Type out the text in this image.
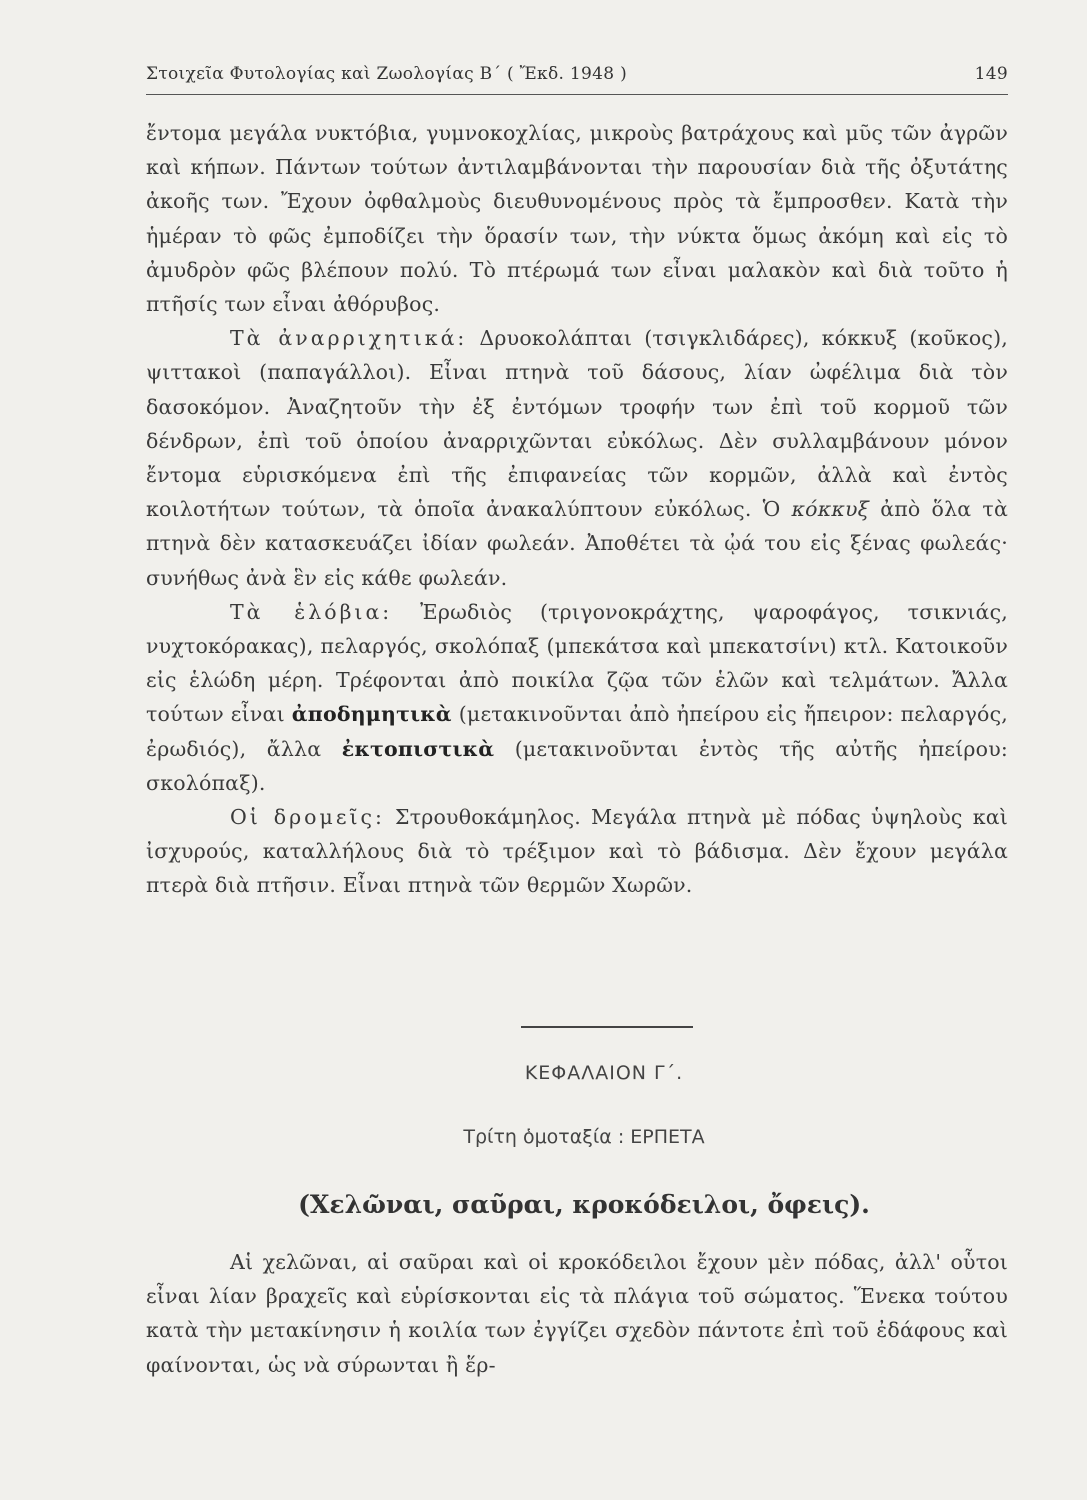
Στοιχεῖα Φυτολογίας καὶ Ζωολογίας Β΄ ( Ἔκδ. 1948 )	149

ἔντομα μεγάλα νυκτόβια, γυμνοκοχλίας, μικροὺς βατράχους καὶ μῦς τῶν ἀγρῶν καὶ κήπων. Πάντων τούτων ἀντιλαμβάνονται τὴν παρουσίαν διὰ τῆς ὀξυτάτης ἀκοῆς των. Ἔχουν ὀφθαλμοὺς διευθυνομένους πρὸς τὰ ἔμπροσθεν. Κατὰ τὴν ἡμέραν τὸ φῶς ἐμποδίζει τὴν ὅρασίν των, τὴν νύκτα ὅμως ἀκόμη καὶ εἰς τὸ ἀμυδρὸν φῶς βλέπουν πολύ. Τὸ πτέρωμά των εἶναι μαλακὸν καὶ διὰ τοῦτο ἡ πτῆσίς των εἶναι ἀθόρυβος.

Τὰ ἀναρριχητικά: Δρυοκολάπται (τσιγκλιδάρες), κόκκυξ (κοῦκος), ψιττακοὶ (παπαγάλλοι). Εἶναι πτηνὰ τοῦ δάσους, λίαν ὠφέλιμα διὰ τὸν δασοκόμον. Ἀναζητοῦν τὴν ἐξ ἐντόμων τροφήν των ἐπὶ τοῦ κορμοῦ τῶν δένδρων, ἐπὶ τοῦ ὁποίου ἀναρριχῶνται εὐκόλως. Δὲν συλλαμβάνουν μόνον ἔντομα εὑρισκόμενα ἐπὶ τῆς ἐπιφανείας τῶν κορμῶν, ἀλλὰ καὶ ἐντὸς κοιλοτήτων τούτων, τὰ ὁποῖα ἀνακαλύπτουν εὐκόλως. Ὁ κόκκυξ ἀπὸ ὅλα τὰ πτηνὰ δὲν κατασκευάζει ἰδίαν φωλεάν. Ἀποθέτει τὰ ᾠά του εἰς ξένας φωλεάς· συνήθως ἀνὰ ἓν εἰς κάθε φωλεάν.

Τὰ ἑλόβια: Ἐρωδιὸς (τριγονοκράχτης, ψαροφάγος, τσικνιάς, νυχτοκόρακας), πελαργός, σκολόπαξ (μπεκάτσα καὶ μπεκατσίνι) κτλ. Κατοικοῦν εἰς ἑλώδη μέρη. Τρέφονται ἀπὸ ποικίλα ζῷα τῶν ἑλῶν καὶ τελμάτων. Ἄλλα τούτων εἶναι ἀποδημητικὰ (μετακινοῦνται ἀπὸ ἠπείρου εἰς ἤπειρον: πελαργός, ἐρωδιός), ἄλλα ἐκτοπιστικὰ (μετακινοῦνται ἐντὸς τῆς αὐτῆς ἠπείρου: σκολόπαξ).

Οἱ δρομεῖς: Στρουθοκάμηλος. Μεγάλα πτηνὰ μὲ πόδας ὑψηλοὺς καὶ ἰσχυρούς, καταλλήλους διὰ τὸ τρέξιμον καὶ τὸ βάδισμα. Δὲν ἔχουν μεγάλα πτερὰ διὰ πτῆσιν. Εἶναι πτηνὰ τῶν θερμῶν Χωρῶν.

ΚΕΦΑΛΑΙΟΝ Γ΄.
Τρίτη ὁμοταξία : ΕΡΠΕΤΑ
(Χελῶναι, σαῦραι, κροκόδειλοι, ὄφεις).

Αἱ χελῶναι, αἱ σαῦραι καὶ οἱ κροκόδειλοι ἔχουν μὲν πόδας, ἀλλ' οὗτοι εἶναι λίαν βραχεῖς καὶ εὑρίσκονται εἰς τὰ πλάγια τοῦ σώματος. Ἕνεκα τούτου κατὰ τὴν μετακίνησιν ἡ κοιλία των ἐγγίζει σχεδὸν πάντοτε ἐπὶ τοῦ ἐδάφους καὶ φαίνονται, ὡς νὰ σύρωνται ἢ ἕρ-
